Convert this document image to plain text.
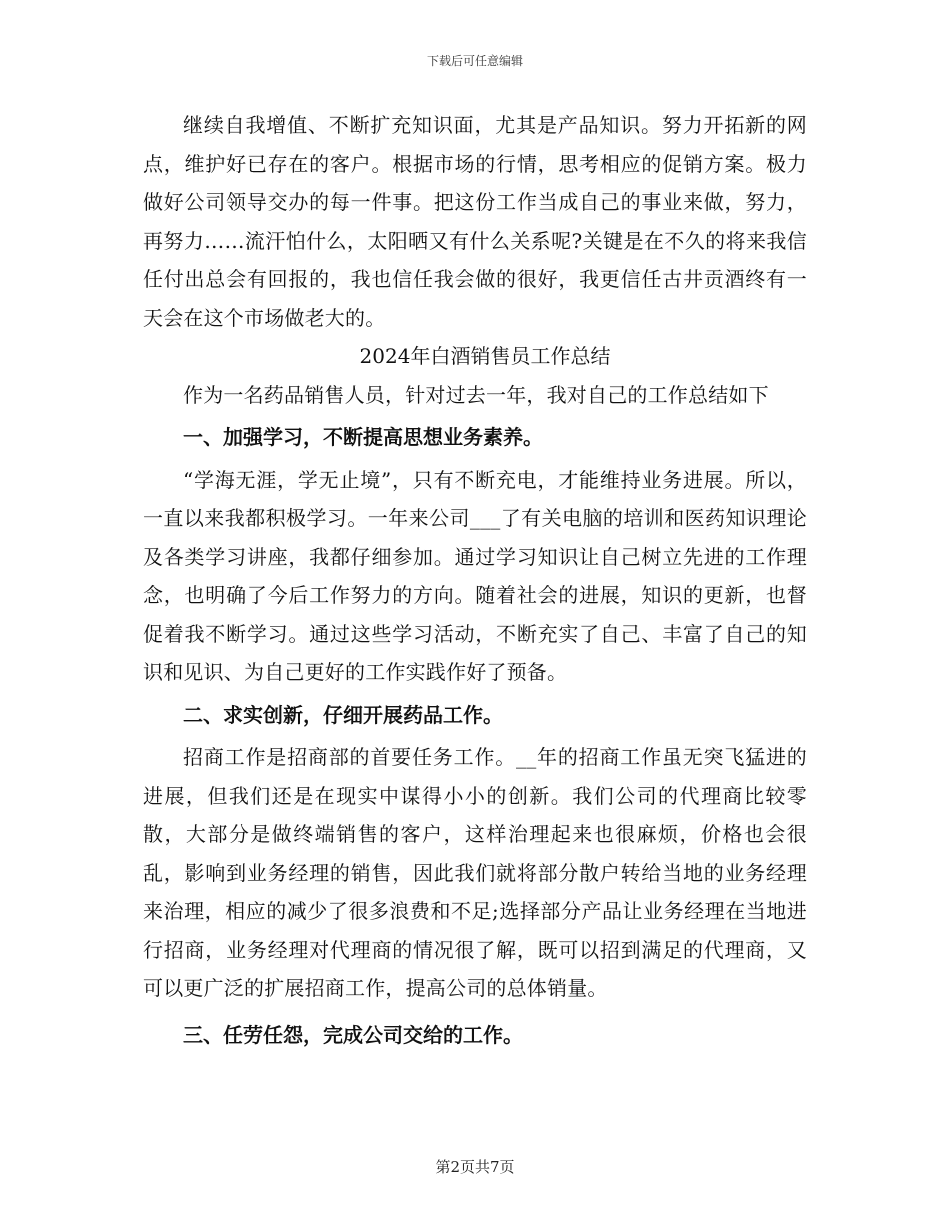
下载后可任意编辑

继续自我增值、不断扩充知识面，尤其是产品知识。努力开拓新的网点，维护好已存在的客户。根据市场的行情，思考相应的促销方案。极力做好公司领导交办的每一件事。把这份工作当成自己的事业来做，努力，再努力……流汗怕什么，太阳晒又有什么关系呢?关键是在不久的将来我信任付出总会有回报的，我也信任我会做的很好，我更信任古井贡酒终有一天会在这个市场做老大的。

2024年白酒销售员工作总结

作为一名药品销售人员，针对过去一年，我对自己的工作总结如下

一、加强学习，不断提高思想业务素养。

“学海无涯，学无止境”，只有不断充电，才能维持业务进展。所以，一直以来我都积极学习。一年来公司___了有关电脑的培训和医药知识理论及各类学习讲座，我都仔细参加。通过学习知识让自己树立先进的工作理念，也明确了今后工作努力的方向。随着社会的进展，知识的更新，也督促着我不断学习。通过这些学习活动，不断充实了自己、丰富了自己的知识和见识、为自己更好的工作实践作好了预备。

二、求实创新，仔细开展药品工作。

招商工作是招商部的首要任务工作。__年的招商工作虽无突飞猛进的进展，但我们还是在现实中谋得小小的创新。我们公司的代理商比较零散，大部分是做终端销售的客户，这样治理起来也很麻烦，价格也会很乱，影响到业务经理的销售，因此我们就将部分散户转给当地的业务经理来治理，相应的减少了很多浪费和不足;选择部分产品让业务经理在当地进行招商，业务经理对代理商的情况很了解，既可以招到满足的代理商，又可以更广泛的扩展招商工作，提高公司的总体销量。

三、任劳任怨，完成公司交给的工作。
第2页共7页
